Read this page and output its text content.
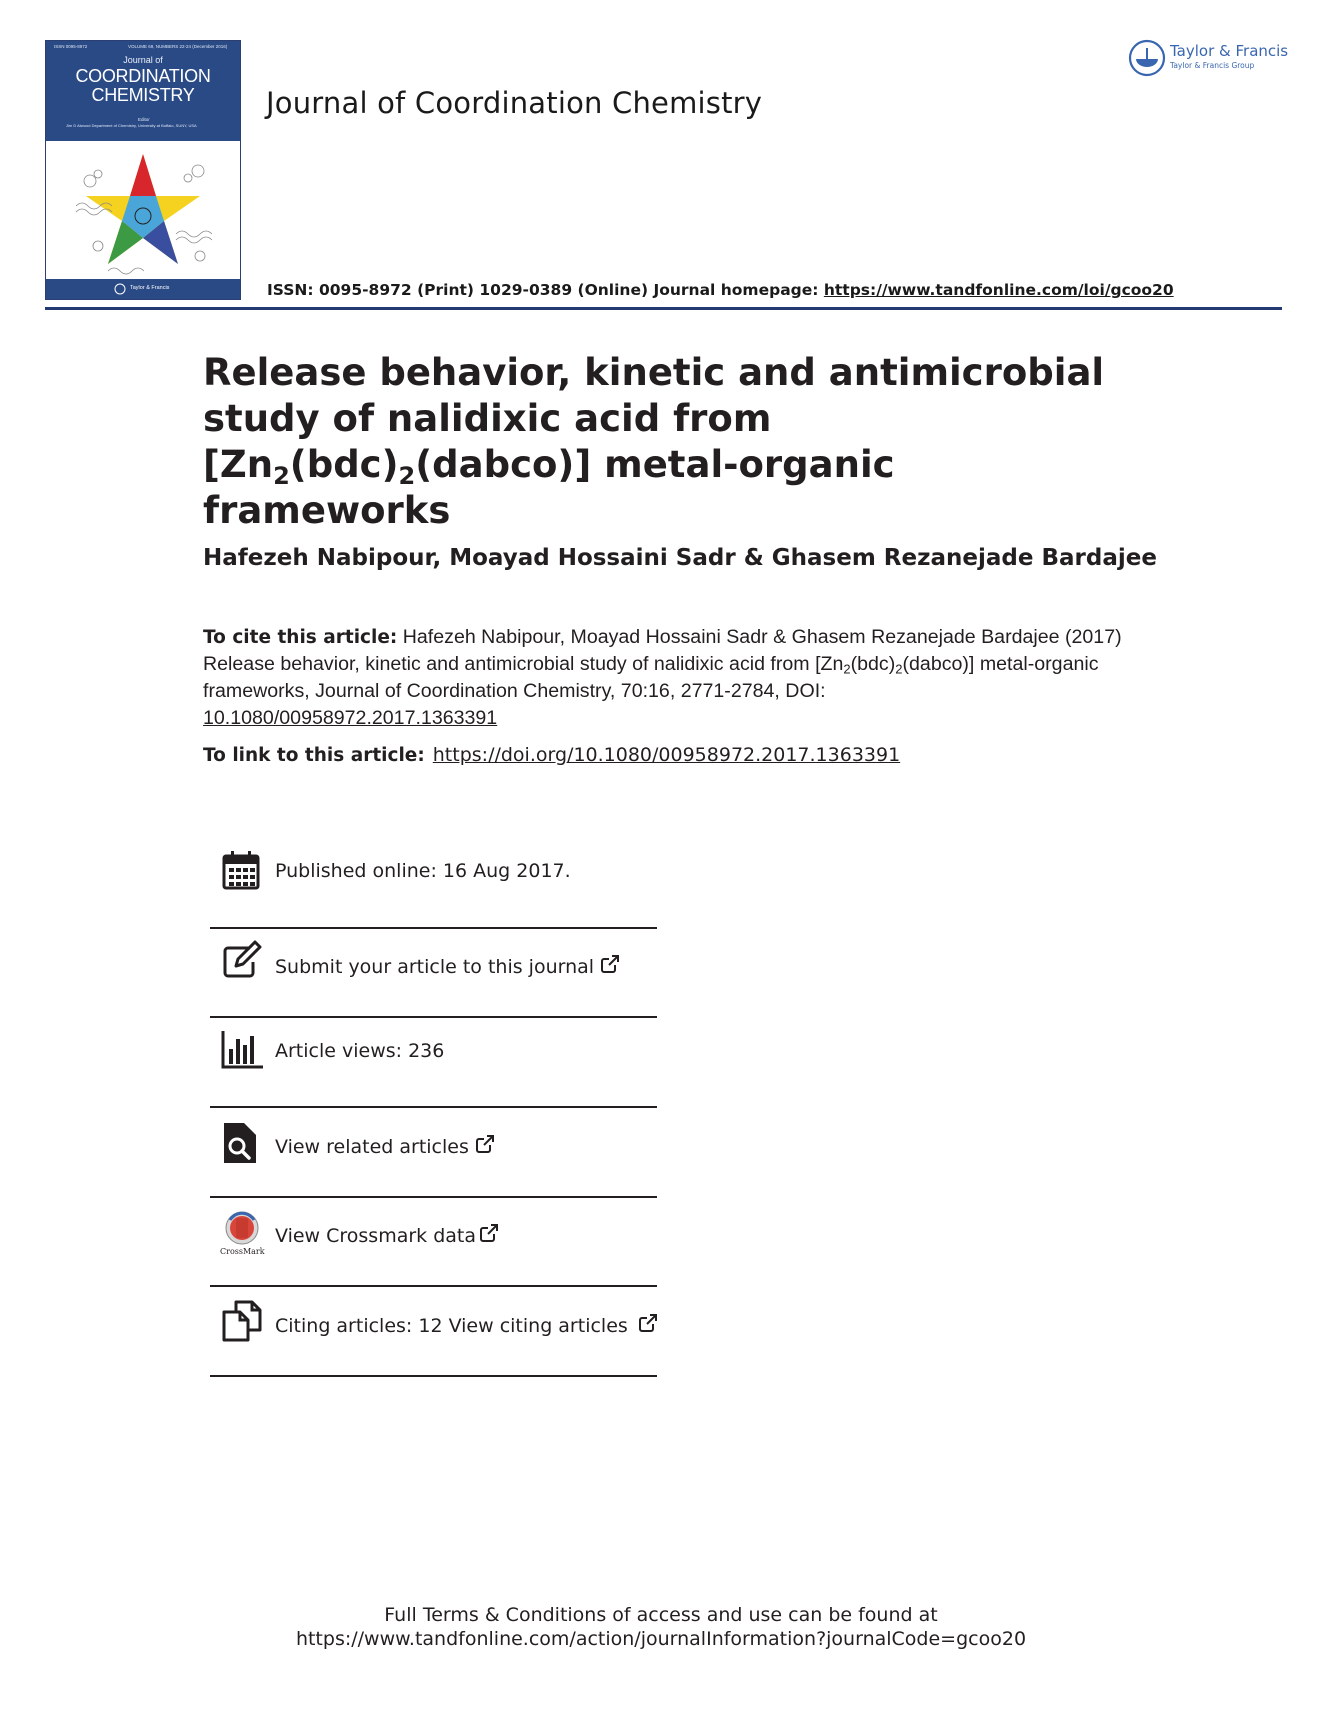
ISSN 0095-8972	VOLUME 69, NUMBERS 22-24 (December 2016)
Journal of
COORDINATION
CHEMISTRY
Editor
Jim D Atwood Department of Chemistry, University at Buffalo, SUNY, USA
Taylor & Francis
Journal of Coordination Chemistry
ISSN: 0095-8972 (Print) 1029-0389 (Online) Journal homepage: https://www.tandfonline.com/loi/gcoo20
Taylor & Francis
Taylor & Francis Group
Release behavior, kinetic and antimicrobial study of nalidixic acid from $[Zn_2(bdc)_2(dabco)]$ metal-organic frameworks
Hafezeh Nabipour, Moayad Hossaini Sadr & Ghasem Rezanejade Bardajee
To cite this article: Hafezeh Nabipour, Moayad Hossaini Sadr & Ghasem Rezanejade Bardajee (2017) Release behavior, kinetic and antimicrobial study of nalidixic acid from $[Zn_2(bdc)_2(dabco)]$ metal-organic frameworks, Journal of Coordination Chemistry, 70:16, 2771-2784, DOI: 10.1080/00958972.2017.1363391
To link to this article: https://doi.org/10.1080/00958972.2017.1363391
Published online: 16 Aug 2017.
Submit your article to this journal
Article views: 236
View related articles
CrossMark
View Crossmark data
Citing articles: 12 View citing articles
Full Terms & Conditions of access and use can be found at
https://www.tandfonline.com/action/journalInformation?journalCode=gcoo20
